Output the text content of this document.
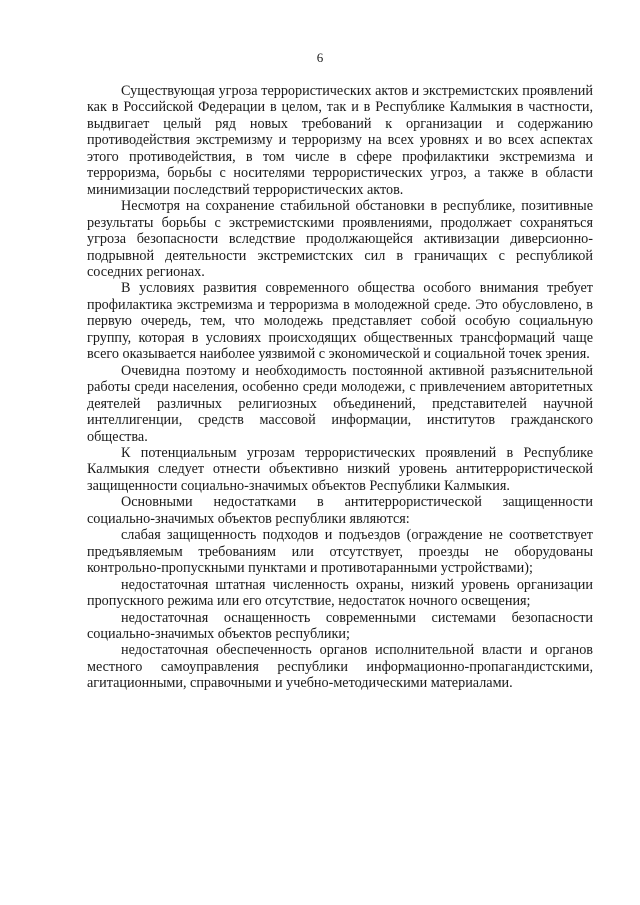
6

Существующая угроза террористических актов и экстремистских проявлений как в Российской Федерации в целом, так и в Республике Калмыкия в частности, выдвигает целый ряд новых требований к организации и содержанию противодействия экстремизму и терроризму на всех уровнях и во всех аспектах этого противодействия, в том числе в сфере профилактики экстремизма и терроризма, борьбы с носителями террористических угроз, а также в области минимизации последствий террористических актов.

Несмотря на сохранение стабильной обстановки в республике, позитивные результаты борьбы с экстремистскими проявлениями, продолжает сохраняться угроза безопасности вследствие продолжающейся активизации диверсионно-подрывной деятельности экстремистских сил в граничащих с республикой соседних регионах.

В условиях развития современного общества особого внимания требует профилактика экстремизма и терроризма в молодежной среде. Это обусловлено, в первую очередь, тем, что молодежь представляет собой особую социальную группу, которая в условиях происходящих общественных трансформаций чаще всего оказывается наиболее уязвимой с экономической и социальной точек зрения.

Очевидна поэтому и необходимость постоянной активной разъяснительной работы среди населения, особенно среди молодежи, с привлечением авторитетных деятелей различных религиозных объединений, представителей научной интеллигенции, средств массовой информации, институтов гражданского общества.

К потенциальным угрозам террористических проявлений в Республике Калмыкия следует отнести объективно низкий уровень антитеррористической защищенности социально-значимых объектов Республики Калмыкия.

Основными недостатками в антитеррористической защищенности социально-значимых объектов республики являются:

слабая защищенность подходов и подъездов (ограждение не соответствует предъявляемым требованиям или отсутствует, проезды не оборудованы контрольно-пропускными пунктами и противотаранными устройствами);

недостаточная штатная численность охраны, низкий уровень организации пропускного режима или его отсутствие, недостаток ночного освещения;

недостаточная оснащенность современными системами безопасности социально-значимых объектов республики;

недостаточная обеспеченность органов исполнительной власти и органов местного самоуправления республики информационно-пропагандистскими, агитационными, справочными и учебно-методическими материалами.
